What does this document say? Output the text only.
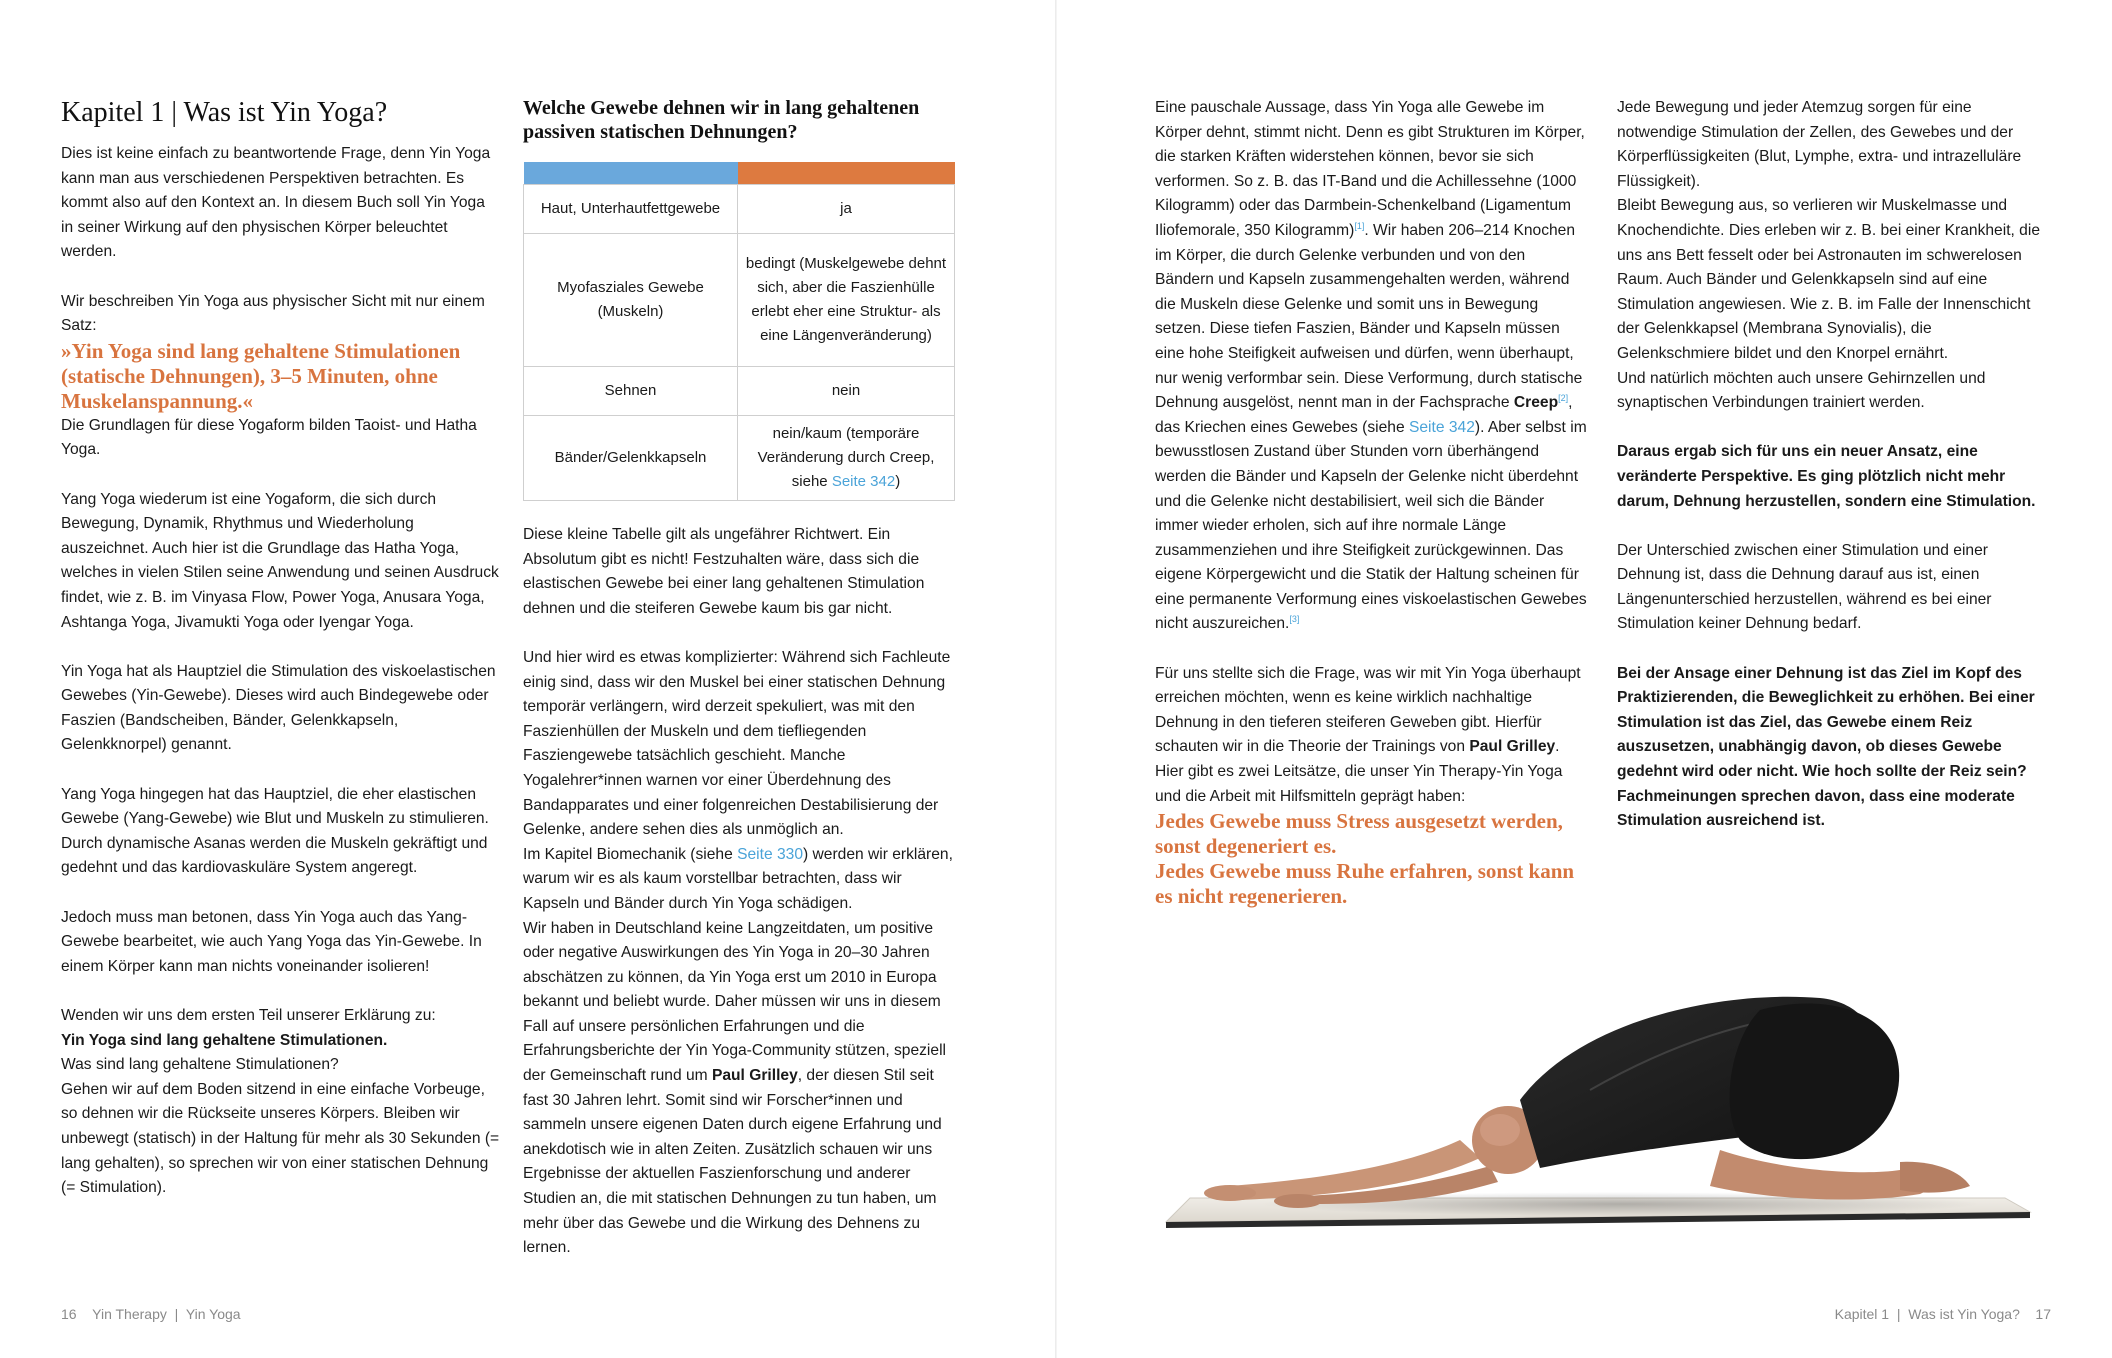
Kapitel 1 | Was ist Yin Yoga?

Dies ist keine einfach zu beantwortende Frage, denn Yin Yoga kann man aus verschiedenen Perspektiven betrachten. Es kommt also auf den Kontext an. In diesem Buch soll Yin Yoga in seiner Wirkung auf den physischen Körper beleuchtet werden.

Wir beschreiben Yin Yoga aus physischer Sicht mit nur einem Satz:

»Yin Yoga sind lang gehaltene Stimulationen (statische Dehnungen), 3–5 Minuten, ohne Muskelanspannung.«

Die Grundlagen für diese Yogaform bilden Taoist- und Hatha Yoga.

Yang Yoga wiederum ist eine Yogaform, die sich durch Bewegung, Dynamik, Rhythmus und Wiederholung auszeichnet. Auch hier ist die Grundlage das Hatha Yoga, welches in vielen Stilen seine Anwendung und seinen Ausdruck findet, wie z. B. im Vinyasa Flow, Power Yoga, Anusara Yoga, Ashtanga Yoga, Jivamukti Yoga oder Iyengar Yoga.

Yin Yoga hat als Hauptziel die Stimulation des viskoelastischen Gewebes (Yin-Gewebe). Dieses wird auch Bindegewebe oder Faszien (Bandscheiben, Bänder, Gelenkkapseln, Gelenkknorpel) genannt.

Yang Yoga hingegen hat das Hauptziel, die eher elastischen Gewebe (Yang-Gewebe) wie Blut und Muskeln zu stimulieren. Durch dynamische Asanas werden die Muskeln gekräftigt und gedehnt und das kardiovaskuläre System angeregt.

Jedoch muss man betonen, dass Yin Yoga auch das Yang-Gewebe bearbeitet, wie auch Yang Yoga das Yin-Gewebe. In einem Körper kann man nichts voneinander isolieren!

Wenden wir uns dem ersten Teil unserer Erklärung zu:

Yin Yoga sind lang gehaltene Stimulationen.

Was sind lang gehaltene Stimulationen?

Gehen wir auf dem Boden sitzend in eine einfache Vorbeuge, so dehnen wir die Rückseite unseres Körpers. Bleiben wir unbewegt (statisch) in der Haltung für mehr als 30 Sekunden (= lang gehalten), so sprechen wir von einer statischen Dehnung (= Stimulation).

Welche Gewebe dehnen wir in lang gehaltenen passiven statischen Dehnungen?

Haut, Unterhautfettgewebe	ja
Myofasziales Gewebe (Muskeln)	bedingt (Muskelgewebe dehnt sich, aber die Faszienhülle erlebt eher eine Struktur- als eine Längenveränderung)
Sehnen	nein
Bänder/Gelenkkapseln	nein/kaum (temporäre Veränderung durch Creep, siehe Seite 342)

Diese kleine Tabelle gilt als ungefährer Richtwert. Ein Absolutum gibt es nicht! Festzuhalten wäre, dass sich die elastischen Gewebe bei einer lang gehaltenen Stimulation dehnen und die steiferen Gewebe kaum bis gar nicht.

Und hier wird es etwas komplizierter: Während sich Fachleute einig sind, dass wir den Muskel bei einer statischen Dehnung temporär verlängern, wird derzeit spekuliert, was mit den Faszienhüllen der Muskeln und dem tiefliegenden Fasziengewebe tatsächlich geschieht. Manche Yogalehrer*innen warnen vor einer Überdehnung des Bandapparates und einer folgenreichen Destabilisierung der Gelenke, andere sehen dies als unmöglich an.

Im Kapitel Biomechanik (siehe Seite 330) werden wir erklären, warum wir es als kaum vorstellbar betrachten, dass wir Kapseln und Bänder durch Yin Yoga schädigen.

Wir haben in Deutschland keine Langzeitdaten, um positive oder negative Auswirkungen des Yin Yoga in 20–30 Jahren abschätzen zu können, da Yin Yoga erst um 2010 in Europa bekannt und beliebt wurde. Daher müssen wir uns in diesem Fall auf unsere persönlichen Erfahrungen und die Erfahrungsberichte der Yin Yoga-Community stützen, speziell der Gemeinschaft rund um Paul Grilley, der diesen Stil seit fast 30 Jahren lehrt. Somit sind wir Forscher*innen und sammeln unsere eigenen Daten durch eigene Erfahrung und anekdotisch wie in alten Zeiten. Zusätzlich schauen wir uns Ergebnisse der aktuellen Faszienforschung und anderer Studien an, die mit statischen Dehnungen zu tun haben, um mehr über das Gewebe und die Wirkung des Dehnens zu lernen.

Eine pauschale Aussage, dass Yin Yoga alle Gewebe im Körper dehnt, stimmt nicht. Denn es gibt Strukturen im Körper, die starken Kräften widerstehen können, bevor sie sich verformen. So z. B. das IT-Band und die Achillessehne (1000 Kilogramm) oder das Darmbein-Schenkelband (Ligamentum Iliofemorale, 350 Kilogramm)[1]. Wir haben 206–214 Knochen im Körper, die durch Gelenke verbunden und von den Bändern und Kapseln zusammengehalten werden, während die Muskeln diese Gelenke und somit uns in Bewegung setzen. Diese tiefen Faszien, Bänder und Kapseln müssen eine hohe Steifigkeit aufweisen und dürfen, wenn überhaupt, nur wenig verformbar sein. Diese Verformung, durch statische Dehnung ausgelöst, nennt man in der Fachsprache Creep[2], das Kriechen eines Gewebes (siehe Seite 342). Aber selbst im bewusstlosen Zustand über Stunden vorn überhängend werden die Bänder und Kapseln der Gelenke nicht überdehnt und die Gelenke nicht destabilisiert, weil sich die Bänder immer wieder erholen, sich auf ihre normale Länge zusammenziehen und ihre Steifigkeit zurückgewinnen. Das eigene Körpergewicht und die Statik der Haltung scheinen für eine permanente Verformung eines viskoelastischen Gewebes nicht auszureichen.[3]

Für uns stellte sich die Frage, was wir mit Yin Yoga überhaupt erreichen möchten, wenn es keine wirklich nachhaltige Dehnung in den tieferen steiferen Geweben gibt. Hierfür schauten wir in die Theorie der Trainings von Paul Grilley. Hier gibt es zwei Leitsätze, die unser Yin Therapy-Yin Yoga und die Arbeit mit Hilfsmitteln geprägt haben:

Jedes Gewebe muss Stress ausgesetzt werden, sonst degeneriert es.

Jedes Gewebe muss Ruhe erfahren, sonst kann es nicht regenerieren.

Jede Bewegung und jeder Atemzug sorgen für eine notwendige Stimulation der Zellen, des Gewebes und der Körperflüssigkeiten (Blut, Lymphe, extra- und intrazelluläre Flüssigkeit).

Bleibt Bewegung aus, so verlieren wir Muskelmasse und Knochendichte. Dies erleben wir z. B. bei einer Krankheit, die uns ans Bett fesselt oder bei Astronauten im schwerelosen Raum. Auch Bänder und Gelenkkapseln sind auf eine Stimulation angewiesen. Wie z. B. im Falle der Innenschicht der Gelenkkapsel (Membrana Synovialis), die Gelenkschmiere bildet und den Knorpel ernährt.

Und natürlich möchten auch unsere Gehirnzellen und synaptischen Verbindungen trainiert werden.

Daraus ergab sich für uns ein neuer Ansatz, eine veränderte Perspektive. Es ging plötzlich nicht mehr darum, Dehnung herzustellen, sondern eine Stimulation.

Der Unterschied zwischen einer Stimulation und einer Dehnung ist, dass die Dehnung darauf aus ist, einen Längenunterschied herzustellen, während es bei einer Stimulation keiner Dehnung bedarf.

Bei der Ansage einer Dehnung ist das Ziel im Kopf des Praktizierenden, die Beweglichkeit zu erhöhen. Bei einer Stimulation ist das Ziel, das Gewebe einem Reiz auszusetzen, unabhängig davon, ob dieses Gewebe gedehnt wird oder nicht. Wie hoch sollte der Reiz sein? Fachmeinungen sprechen davon, dass eine moderate Stimulation ausreichend ist.

16 Yin Therapy | Yin Yoga	Kapitel 1 | Was ist Yin Yoga? 17
